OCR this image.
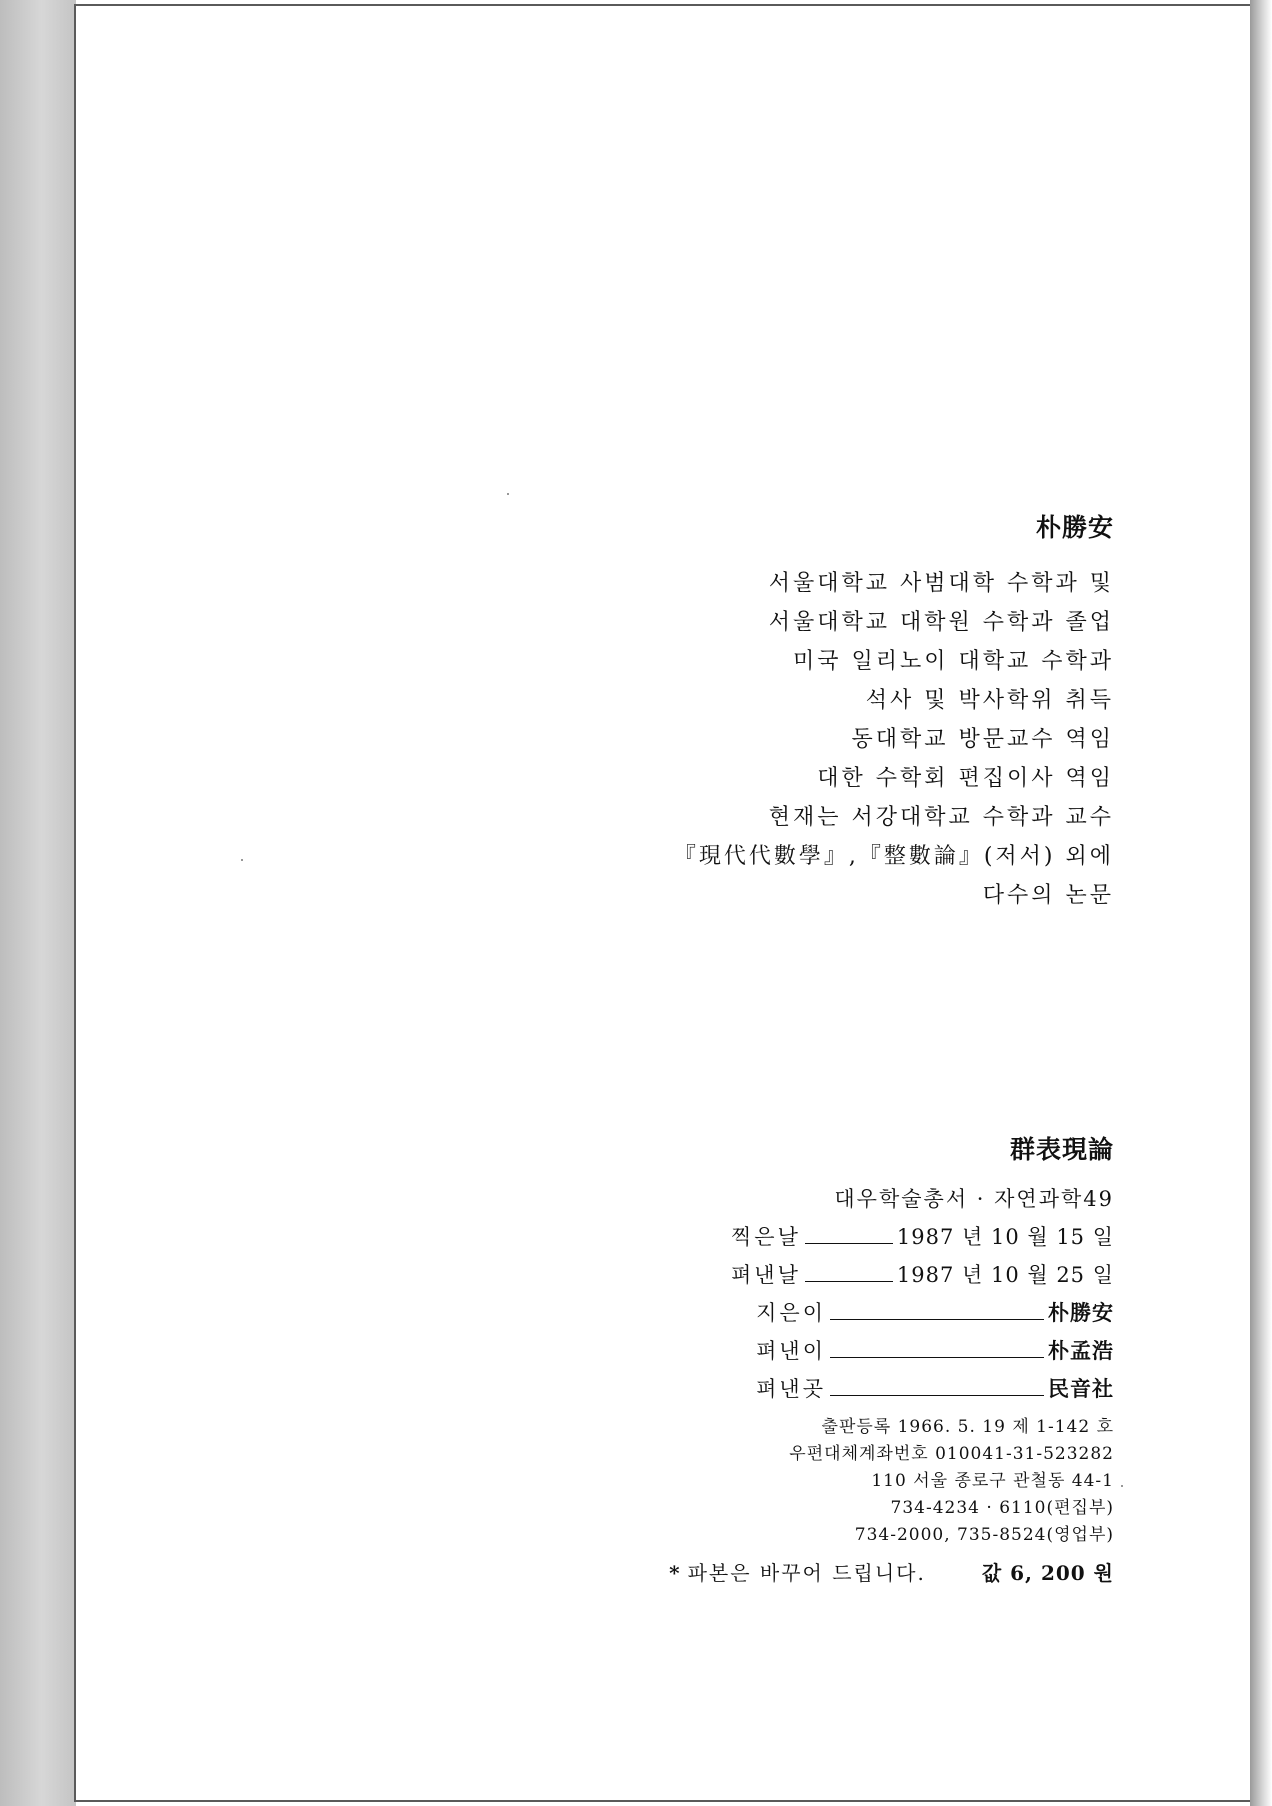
朴勝安
서울대학교 사범대학 수학과 및
서울대학교 대학원 수학과 졸업
미국 일리노이 대학교 수학과
석사 및 박사학위 취득
동대학교 방문교수 역임
대한 수학회 편집이사 역임
현재는 서강대학교 수학과 교수
『現代代數學』,『整數論』(저서) 외에
다수의 논문
群表現論
대우학술총서 · 자연과학49
찍은날	1987 년 10 월 15 일
펴낸날	1987 년 10 월 25 일
지은이	朴勝安
펴낸이	朴孟浩
펴낸곳	民音社
출판등록 1966. 5. 19 제 1-142 호
우편대체계좌번호 010041-31-523282
110 서울 종로구 관철동 44-1
734-4234 · 6110(편집부)
734-2000, 735-8524(영업부)
* 파본은 바꾸어 드립니다.	값 6, 200 원
